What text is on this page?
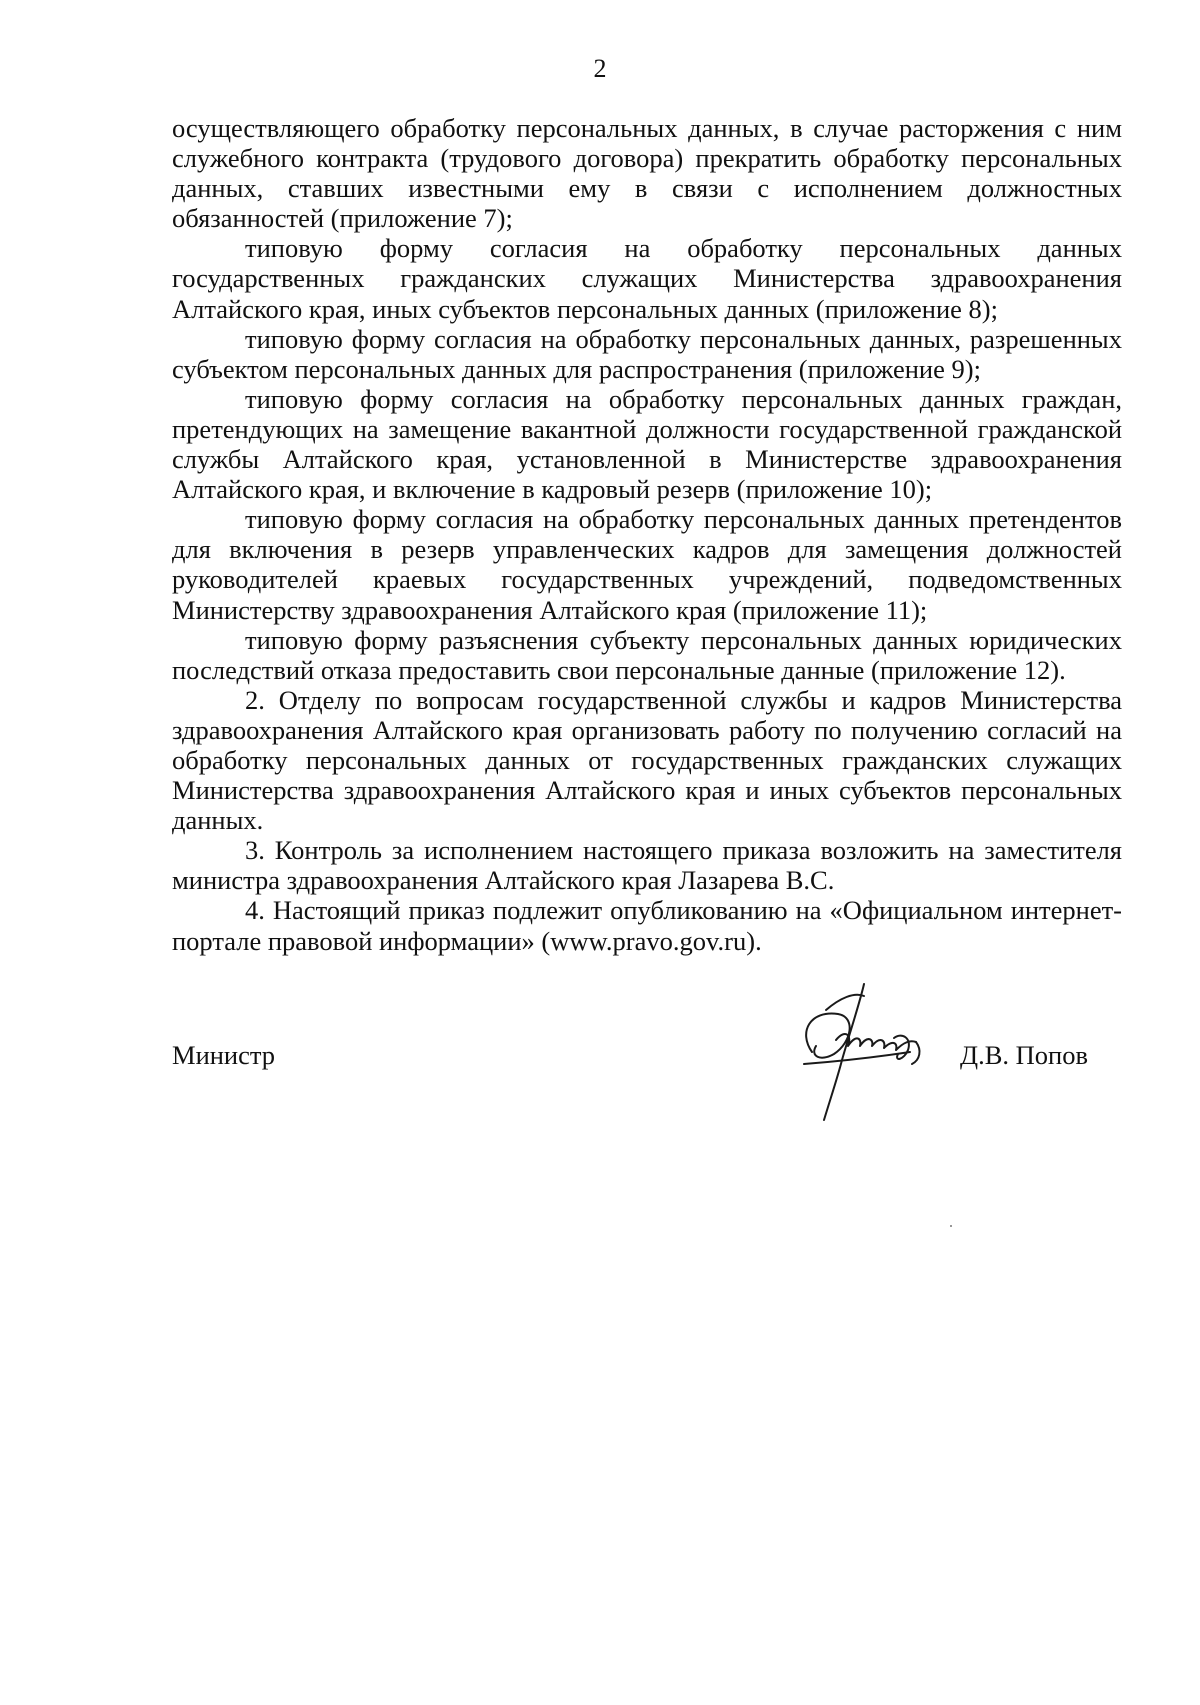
2

осуществляющего обработку персональных данных, в случае расторжения с ним служебного контракта (трудового договора) прекратить обработку персональных данных, ставших известными ему в связи с исполнением должностных обязанностей (приложение 7);

типовую форму согласия на обработку персональных данных государственных гражданских служащих Министерства здравоохранения Алтайского края, иных субъектов персональных данных (приложение 8);

типовую форму согласия на обработку персональных данных, разрешенных субъектом персональных данных для распространения (приложение 9);

типовую форму согласия на обработку персональных данных граждан, претендующих на замещение вакантной должности государственной гражданской службы Алтайского края, установленной в Министерстве здравоохранения Алтайского края, и включение в кадровый резерв (приложение 10);

типовую форму согласия на обработку персональных данных претендентов для включения в резерв управленческих кадров для замещения должностей руководителей краевых государственных учреждений, подведомственных Министерству здравоохранения Алтайского края (приложение 11);

типовую форму разъяснения субъекту персональных данных юридических последствий отказа предоставить свои персональные данные (приложение 12).

2. Отделу по вопросам государственной службы и кадров Министерства здравоохранения Алтайского края организовать работу по получению согласий на обработку персональных данных от государственных гражданских служащих Министерства здравоохранения Алтайского края и иных субъектов персональных данных.

3. Контроль за исполнением настоящего приказа возложить на заместителя министра здравоохранения Алтайского края Лазарева В.С.

4. Настоящий приказ подлежит опубликованию на «Официальном интернет-портале правовой информации» (www.pravo.gov.ru).

Министр	Д.В. Попов
